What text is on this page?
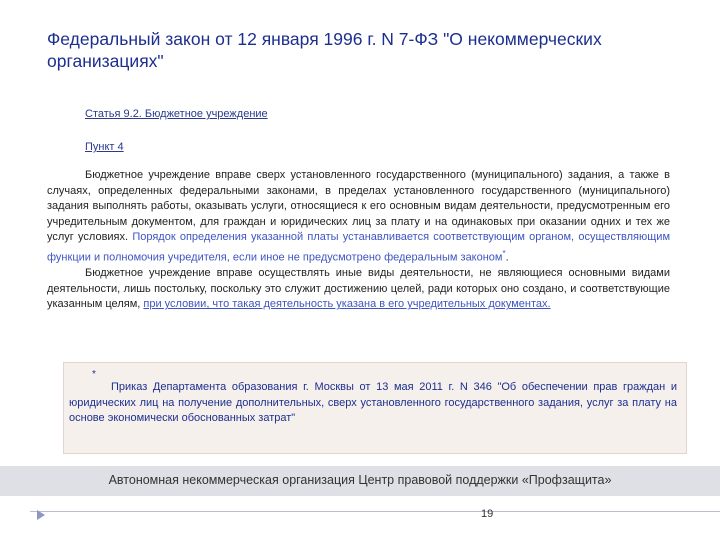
Федеральный закон от 12 января 1996 г. N 7-ФЗ "О некоммерческих организациях"
Статья 9.2. Бюджетное учреждение
Пункт 4

Бюджетное учреждение вправе сверх установленного государственного (муниципального) задания, а также в случаях, определенных федеральными законами, в пределах установленного государственного (муниципального) задания выполнять работы, оказывать услуги, относящиеся к его основным видам деятельности, предусмотренным его учредительным документом, для граждан и юридических лиц за плату и на одинаковых при оказании одних и тех же услуг условиях. Порядок определения указанной платы устанавливается соответствующим органом, осуществляющим функции и полномочия учредителя, если иное не предусмотрено федеральным законом*.

Бюджетное учреждение вправе осуществлять иные виды деятельности, не являющиеся основными видами деятельности, лишь постольку, поскольку это служит достижению целей, ради которых оно создано, и соответствующие указанным целям, при условии, что такая деятельность указана в его учредительных документах.

*
Приказ Департамента образования г. Москвы от 13 мая 2011 г. N 346 "Об обеспечении прав граждан и юридических лиц на получение дополнительных, сверх установленного государственного задания, услуг за плату на основе экономически обоснованных затрат"
Автономная некоммерческая организация Центр правовой поддержки «Профзащита»
19
